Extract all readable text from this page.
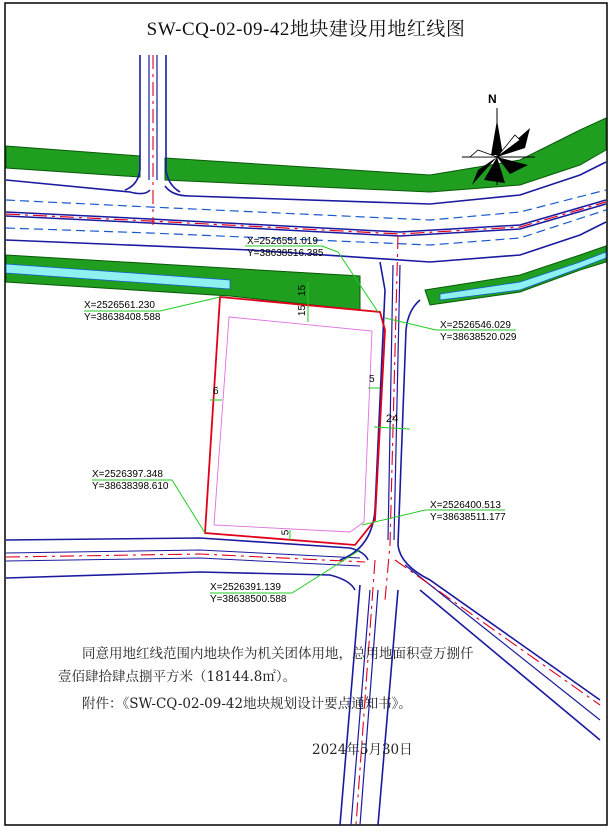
SW-CQ-02-09-42地块建设用地红线图
N
X=2526551.019
Y=38638516.385
X=2526561.230
Y=38638408.588
X=2526546.029
Y=38638520.029
X=2526397.348
Y=38638398.610
X=2526400.513
Y=38638511.177
X=2526391.139
Y=38638500.588
15
15
6
5
24
5
同意用地红线范围内地块作为机关团体用地，总用地面积壹万捌仟
壹佰肆拾肆点捌平方米（18144.8㎡）。
附件：《SW-CQ-02-09-42地块规划设计要点通知书》。
2024年5月30日
